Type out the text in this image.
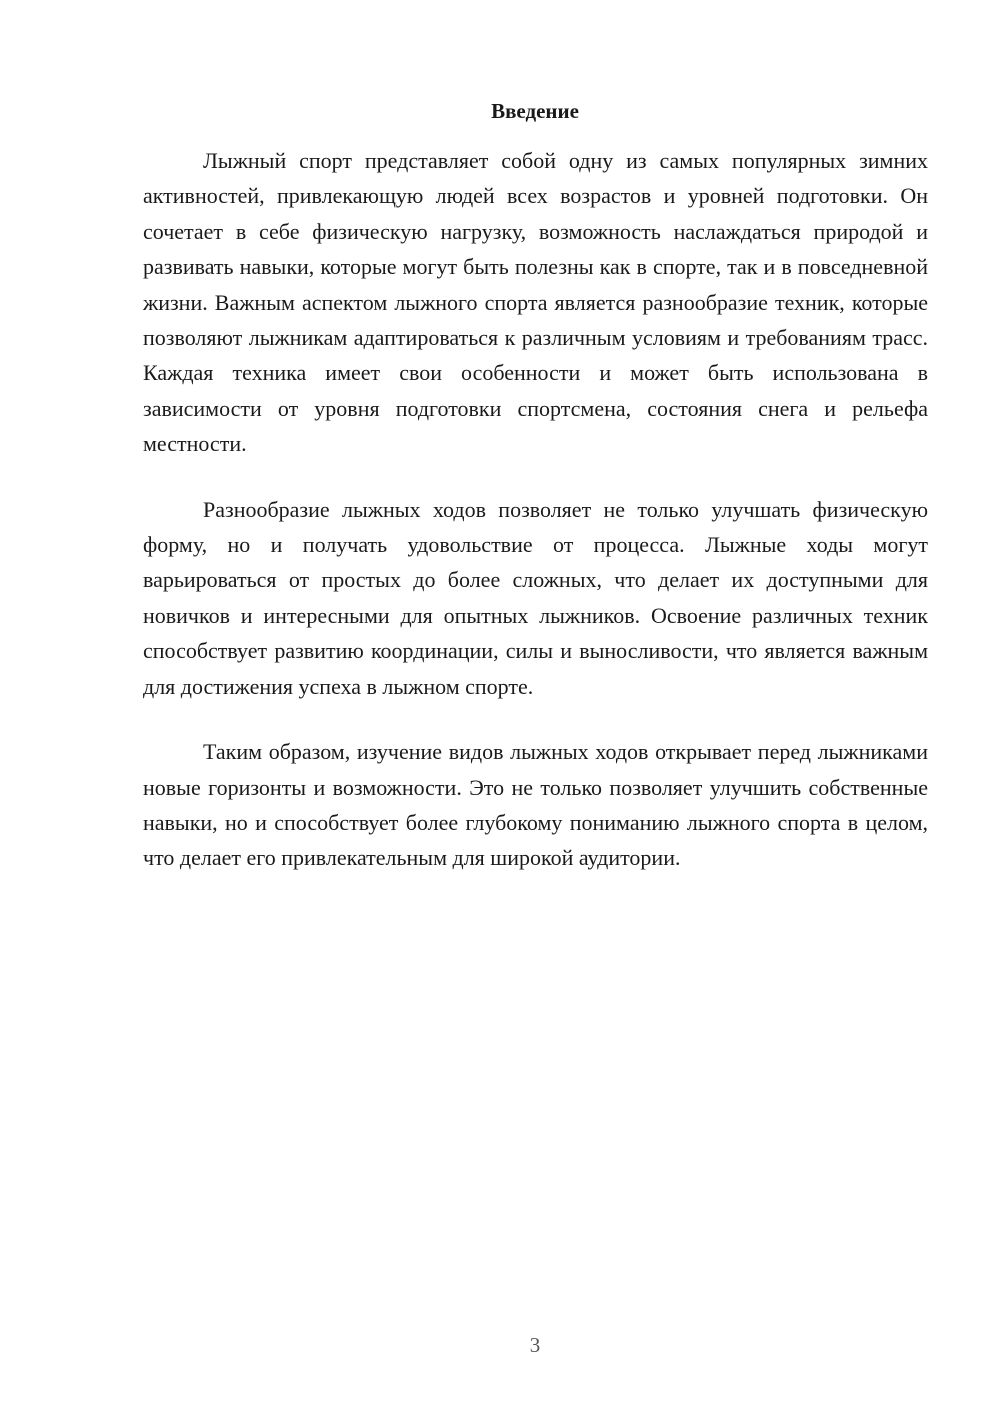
Введение

Лыжный спорт представляет собой одну из самых популярных зимних активностей, привлекающую людей всех возрастов и уровней подготовки. Он сочетает в себе физическую нагрузку, возможность наслаждаться природой и развивать навыки, которые могут быть полезны как в спорте, так и в повседневной жизни. Важным аспектом лыжного спорта является разнообразие техник, которые позволяют лыжникам адаптироваться к различным условиям и требованиям трасс. Каждая техника имеет свои особенности и может быть использована в зависимости от уровня подготовки спортсмена, состояния снега и рельефа местности.

Разнообразие лыжных ходов позволяет не только улучшать физическую форму, но и получать удовольствие от процесса. Лыжные ходы могут варьироваться от простых до более сложных, что делает их доступными для новичков и интересными для опытных лыжников. Освоение различных техник способствует развитию координации, силы и выносливости, что является важным для достижения успеха в лыжном спорте.

Таким образом, изучение видов лыжных ходов открывает перед лыжниками новые горизонты и возможности. Это не только позволяет улучшить собственные навыки, но и способствует более глубокому пониманию лыжного спорта в целом, что делает его привлекательным для широкой аудитории.

3
